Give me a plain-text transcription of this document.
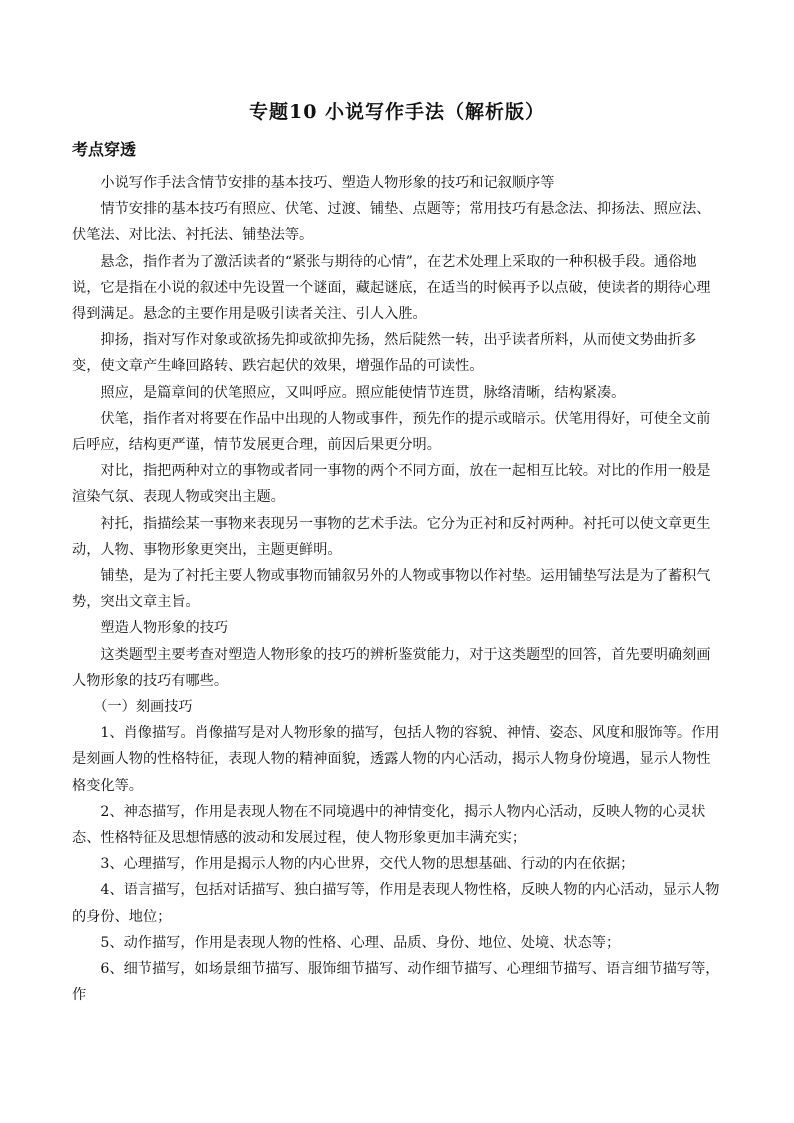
专题10 小说写作手法（解析版）
考点穿透

小说写作手法含情节安排的基本技巧、塑造人物形象的技巧和记叙顺序等

情节安排的基本技巧有照应、伏笔、过渡、铺垫、点题等；常用技巧有悬念法、抑扬法、照应法、伏笔法、对比法、衬托法、铺垫法等。

悬念，指作者为了激活读者的“紧张与期待的心情”，在艺术处理上采取的一种积极手段。通俗地说，它是指在小说的叙述中先设置一个谜面，藏起谜底，在适当的时候再予以点破，使读者的期待心理得到满足。悬念的主要作用是吸引读者关注、引人入胜。

抑扬，指对写作对象或欲扬先抑或欲抑先扬，然后陡然一转，出乎读者所料，从而使文势曲折多变，使文章产生峰回路转、跌宕起伏的效果，增强作品的可读性。

照应，是篇章间的伏笔照应，又叫呼应。照应能使情节连贯，脉络清晰，结构紧凑。

伏笔，指作者对将要在作品中出现的人物或事件，预先作的提示或暗示。伏笔用得好，可使全文前后呼应，结构更严谨，情节发展更合理，前因后果更分明。

对比，指把两种对立的事物或者同一事物的两个不同方面，放在一起相互比较。对比的作用一般是渲染气氛、表现人物或突出主题。

衬托，指描绘某一事物来表现另一事物的艺术手法。它分为正衬和反衬两种。衬托可以使文章更生动，人物、事物形象更突出，主题更鲜明。

铺垫，是为了衬托主要人物或事物而铺叙另外的人物或事物以作衬垫。运用铺垫写法是为了蓄积气势，突出文章主旨。

塑造人物形象的技巧

这类题型主要考查对塑造人物形象的技巧的辨析鉴赏能力，对于这类题型的回答，首先要明确刻画人物形象的技巧有哪些。

（一）刻画技巧

1、肖像描写。肖像描写是对人物形象的描写，包括人物的容貌、神情、姿态、风度和服饰等。作用是刻画人物的性格特征，表现人物的精神面貌，透露人物的内心活动，揭示人物身份境遇，显示人物性格变化等。

2、神态描写，作用是表现人物在不同境遇中的神情变化，揭示人物内心活动，反映人物的心灵状态、性格特征及思想情感的波动和发展过程，使人物形象更加丰满充实；

3、心理描写，作用是揭示人物的内心世界，交代人物的思想基础、行动的内在依据；

4、语言描写，包括对话描写、独白描写等，作用是表现人物性格，反映人物的内心活动，显示人物的身份、地位；

5、动作描写，作用是表现人物的性格、心理、品质、身份、地位、处境、状态等；

6、细节描写，如场景细节描写、服饰细节描写、动作细节描写、心理细节描写、语言细节描写等，作
